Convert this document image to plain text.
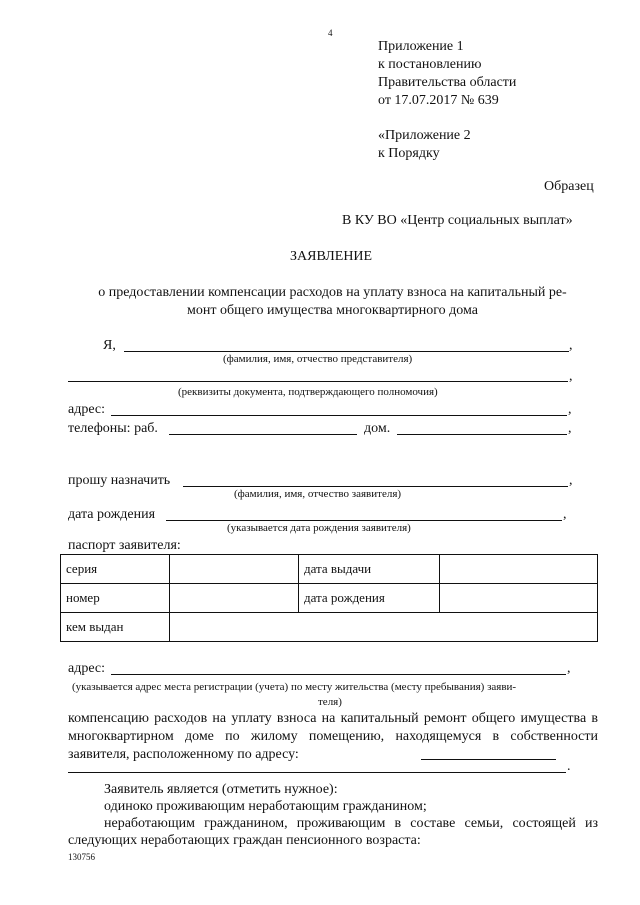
4
Приложение 1
к постановлению
Правительства области
от 17.07.2017 № 639
«Приложение 2
к Порядку
Образец
В КУ ВО «Центр социальных выплат»
ЗАЯВЛЕНИЕ
о предоставлении компенсации расходов на уплату взноса на капитальный ре-
монт общего имущества многоквартирного дома
Я,	,
(фамилия, имя, отчество представителя)
,
(реквизиты документа, подтверждающего полномочия)
адрес:	,
телефоны: раб.	дом.	,
прошу назначить	,
(фамилия, имя, отчество заявителя)
дата рождения	,
(указывается дата рождения заявителя)
паспорт заявителя:
серия		дата выдачи	
номер		дата рождения	
кем выдан			
адрес:	,
(указывается адрес места регистрации (учета) по месту жительства (месту пребывания) заяви-
теля)
компенсацию расходов на уплату взноса на капитальный ремонт общего имущества в многоквартирном доме по жилому помещению, находящемуся в собственности заявителя, расположенному по адресу:
.
Заявитель является (отметить нужное):
одиноко проживающим неработающим гражданином;
неработающим гражданином, проживающим в составе семьи, состоящей из следующих неработающих граждан пенсионного возраста:
130756
